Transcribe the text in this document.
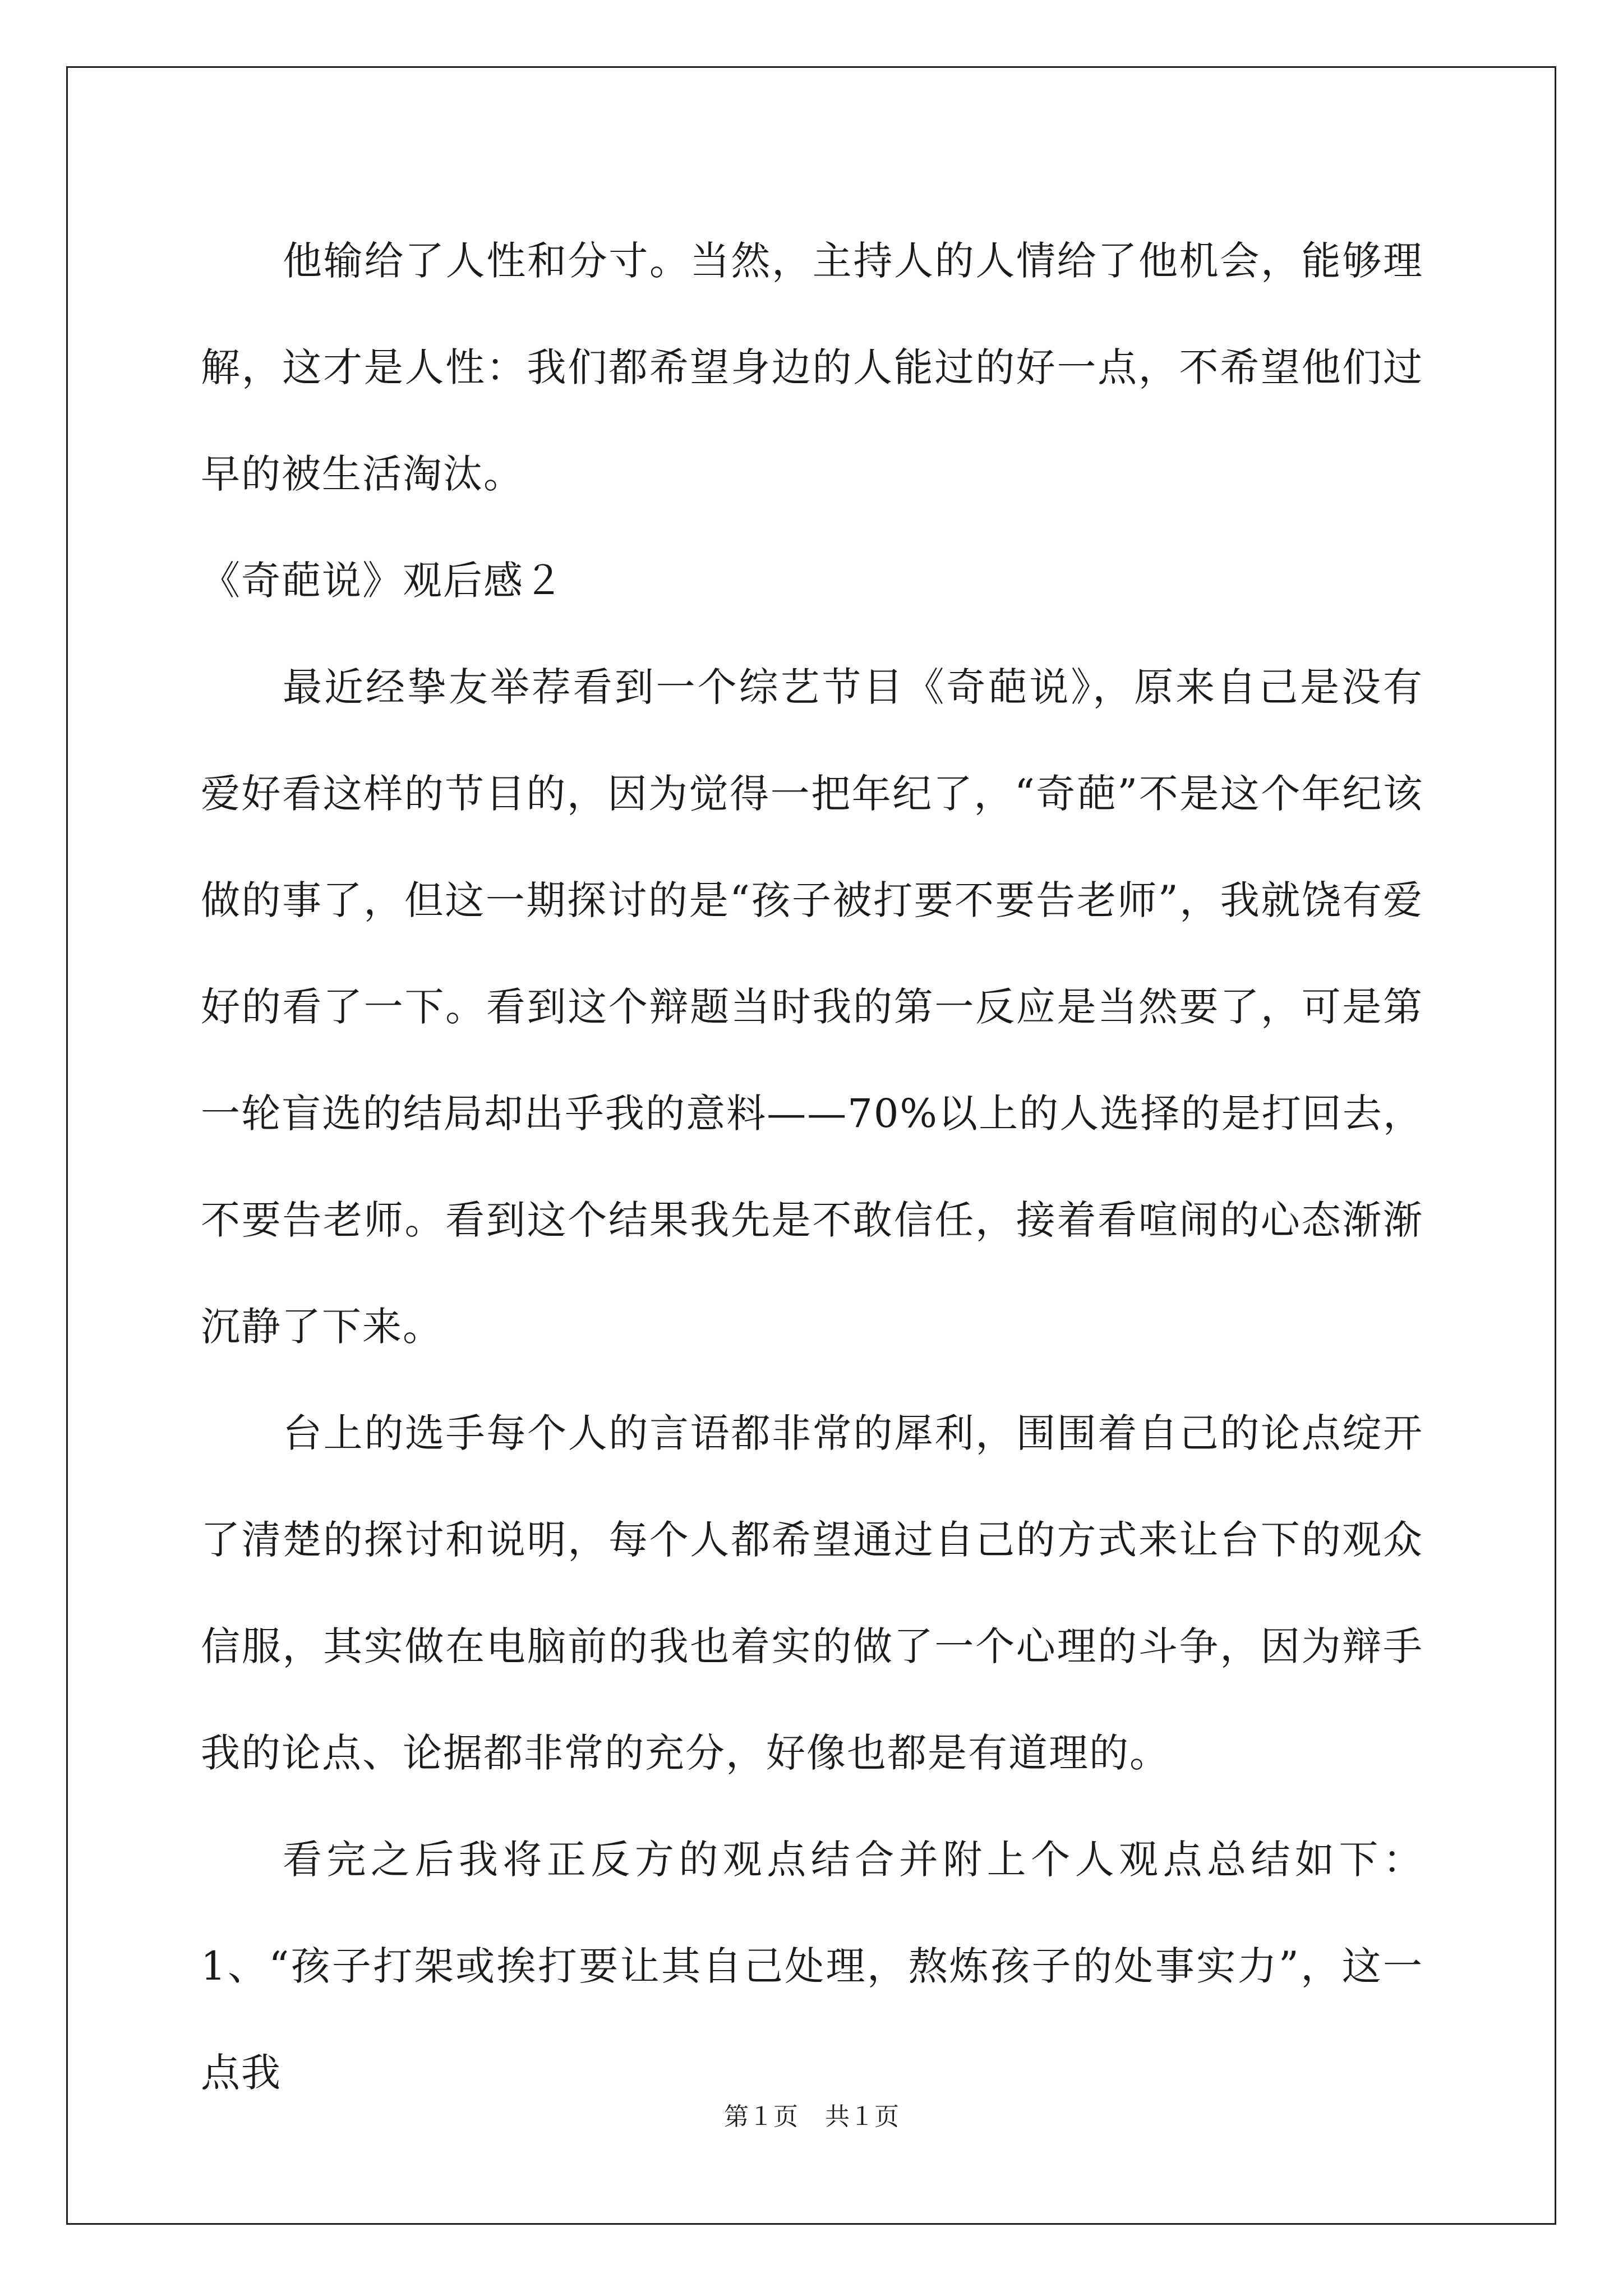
他输给了人性和分寸。当然，主持人的人情给了他机会，能够理解，这才是人性：我们都希望身边的人能过的好一点，不希望他们过早的被生活淘汰。

《奇葩说》观后感２

最近经挚友举荐看到一个综艺节目《奇葩说》，原来自己是没有爱好看这样的节目的，因为觉得一把年纪了，“奇葩”不是这个年纪该做的事了，但这一期探讨的是“孩子被打要不要告老师”，我就饶有爱好的看了一下。看到这个辩题当时我的第一反应是当然要了，可是第一轮盲选的结局却出乎我的意料——70%以上的人选择的是打回去，不要告老师。看到这个结果我先是不敢信任，接着看喧闹的心态渐渐沉静了下来。

台上的选手每个人的言语都非常的犀利，围围着自己的论点绽开了清楚的探讨和说明，每个人都希望通过自己的方式来让台下的观众信服，其实做在电脑前的我也着实的做了一个心理的斗争，因为辩手我的论点、论据都非常的充分，好像也都是有道理的。

看完之后我将正反方的观点结合并附上个人观点总结如下：1、“孩子打架或挨打要让其自己处理，熬炼孩子的处事实力”，这一点我

第１页 共１页
